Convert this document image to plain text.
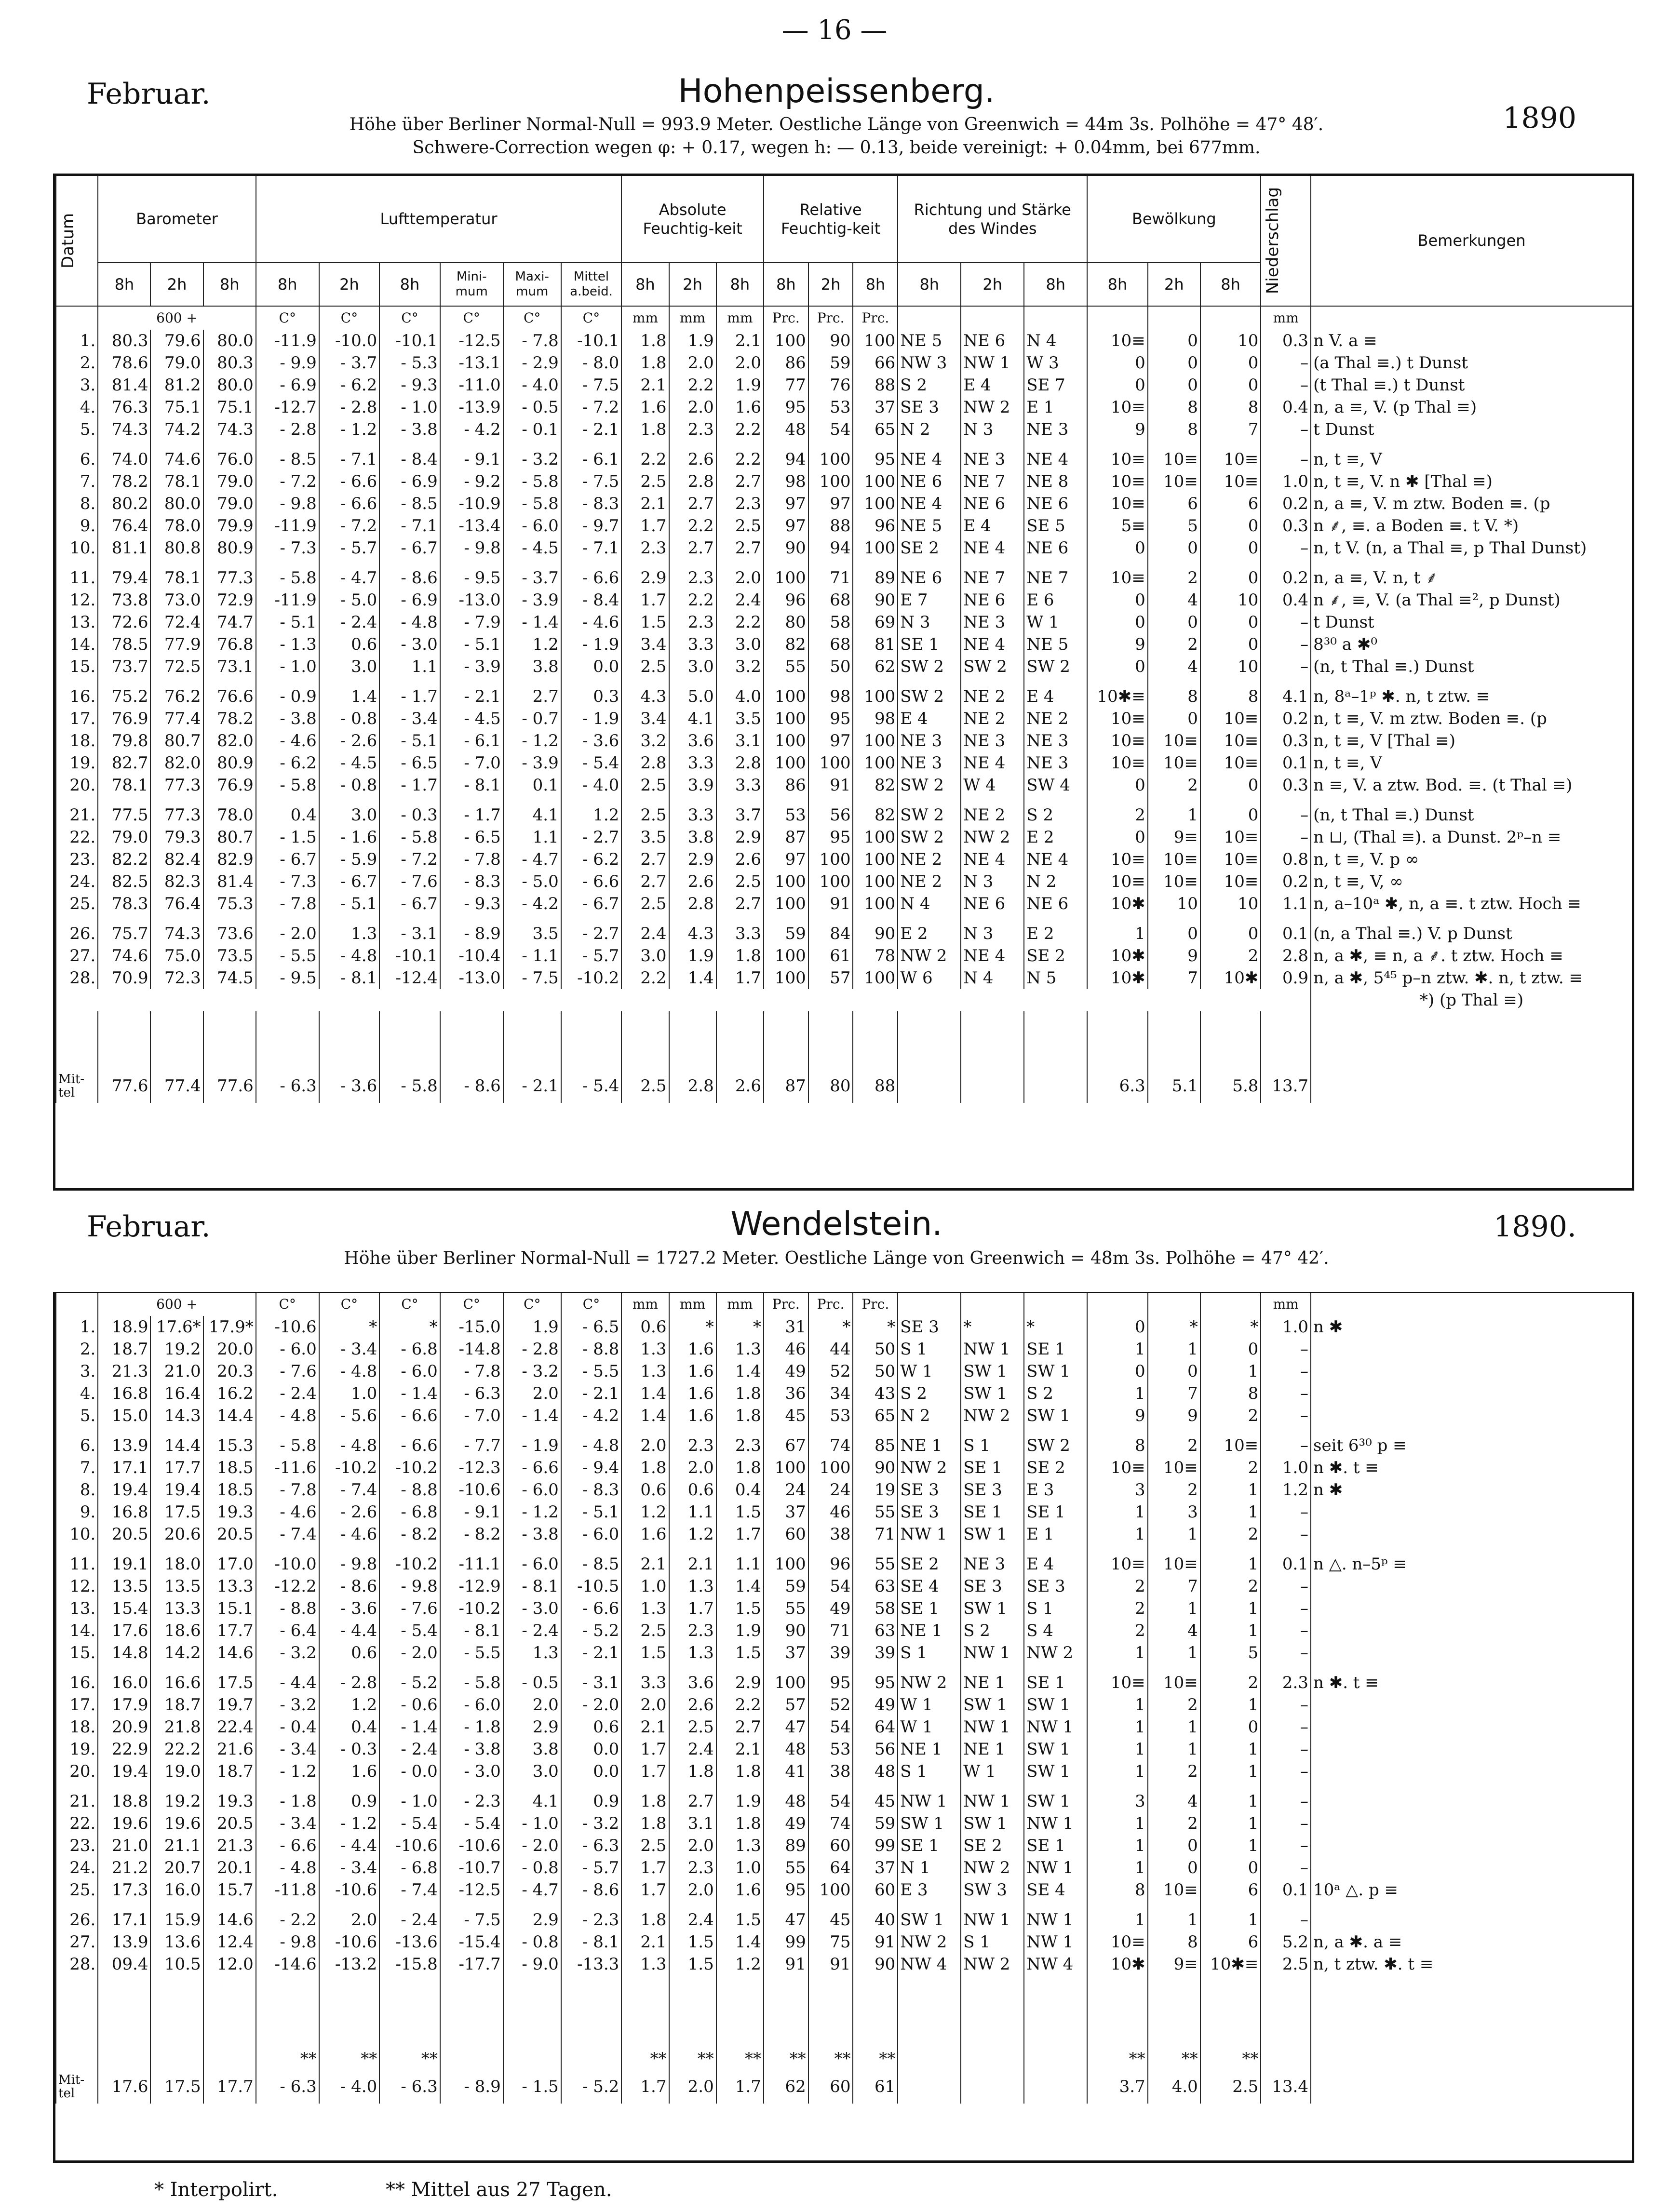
— 16 —
Februar.	Hohenpeissenberg.
1890
Höhe über Berliner Normal-Null = 993.9 Meter. Oestliche Länge von Greenwich = 44m 3s. Polhöhe = 47° 48′.
Schwere-Correction wegen φ: + 0.17, wegen h: — 0.13, beide vereinigt: + 0.04mm, bei 677mm.
Datum	Barometer			Lufttemperatur						Absolute Feuchtig-keit			Relative Feuchtig-keit			Richtung und Stärke des Windes			Bewölkung			Niederschlag	Bemerkungen
	8h	2h	8h	8h	2h	8h	Mini-mum	Maxi-mum	Mittel a.beid.	8h	2h	8h	8h	2h	8h	8h	2h	8h	8h	2h	8h		
	600 +			C°	C°	C°	C°	C°	C°	mm	mm	mm	Prc.	Prc.	Prc.							mm	
1.	80.3	79.6	80.0	-11.9	-10.0	-10.1	-12.5	- 7.8	-10.1	1.8	1.9	2.1	100	90	100	NE 5	NE 6	N 4	10≡	0	10	0.3	n V. a ≡
2.	78.6	79.0	80.3	- 9.9	- 3.7	- 5.3	-13.1	- 2.9	- 8.0	1.8	2.0	2.0	86	59	66	NW 3	NW 1	W 3	0	0	0	–	(a Thal ≡.) t Dunst
3.	81.4	81.2	80.0	- 6.9	- 6.2	- 9.3	-11.0	- 4.0	- 7.5	2.1	2.2	1.9	77	76	88	S 2	E 4	SE 7	0	0	0	–	(t Thal ≡.) t Dunst
4.	76.3	75.1	75.1	-12.7	- 2.8	- 1.0	-13.9	- 0.5	- 7.2	1.6	2.0	1.6	95	53	37	SE 3	NW 2	E 1	10≡	8	8	0.4	n, a ≡, V. (p Thal ≡)
5.	74.3	74.2	74.3	- 2.8	- 1.2	- 3.8	- 4.2	- 0.1	- 2.1	1.8	2.3	2.2	48	54	65	N 2	N 3	NE 3	9	8	7	–	t Dunst
6.	74.0	74.6	76.0	- 8.5	- 7.1	- 8.4	- 9.1	- 3.2	- 6.1	2.2	2.6	2.2	94	100	95	NE 4	NE 3	NE 4	10≡	10≡	10≡	–	n, t ≡, V
7.	78.2	78.1	79.0	- 7.2	- 6.6	- 6.9	- 9.2	- 5.8	- 7.5	2.5	2.8	2.7	98	100	100	NE 6	NE 7	NE 8	10≡	10≡	10≡	1.0	n, t ≡, V. n ✱ [Thal ≡)
8.	80.2	80.0	79.0	- 9.8	- 6.6	- 8.5	-10.9	- 5.8	- 8.3	2.1	2.7	2.3	97	97	100	NE 4	NE 6	NE 6	10≡	6	6	0.2	n, a ≡, V. m ztw. Boden ≡. (p
9.	76.4	78.0	79.9	-11.9	- 7.2	- 7.1	-13.4	- 6.0	- 9.7	1.7	2.2	2.5	97	88	96	NE 5	E 4	SE 5	5≡	5	0	0.3	n ⸙, ≡. a Boden ≡. t V. *)
10.	81.1	80.8	80.9	- 7.3	- 5.7	- 6.7	- 9.8	- 4.5	- 7.1	2.3	2.7	2.7	90	94	100	SE 2	NE 4	NE 6	0	0	0	–	n, t V. (n, a Thal ≡, p Thal Dunst)
11.	79.4	78.1	77.3	- 5.8	- 4.7	- 8.6	- 9.5	- 3.7	- 6.6	2.9	2.3	2.0	100	71	89	NE 6	NE 7	NE 7	10≡	2	0	0.2	n, a ≡, V. n, t ⸙
12.	73.8	73.0	72.9	-11.9	- 5.0	- 6.9	-13.0	- 3.9	- 8.4	1.7	2.2	2.4	96	68	90	E 7	NE 6	E 6	0	4	10	0.4	n ⸙, ≡, V. (a Thal ≡², p Dunst)
13.	72.6	72.4	74.7	- 5.1	- 2.4	- 4.8	- 7.9	- 1.4	- 4.6	1.5	2.3	2.2	80	58	69	N 3	NE 3	W 1	0	0	0	–	t Dunst
14.	78.5	77.9	76.8	- 1.3	0.6	- 3.0	- 5.1	1.2	- 1.9	3.4	3.3	3.0	82	68	81	SE 1	NE 4	NE 5	9	2	0	–	8³⁰ a ✱⁰
15.	73.7	72.5	73.1	- 1.0	3.0	1.1	- 3.9	3.8	0.0	2.5	3.0	3.2	55	50	62	SW 2	SW 2	SW 2	0	4	10	–	(n, t Thal ≡.) Dunst
16.	75.2	76.2	76.6	- 0.9	1.4	- 1.7	- 2.1	2.7	0.3	4.3	5.0	4.0	100	98	100	SW 2	NE 2	E 4	10✱≡	8	8	4.1	n, 8ᵃ–1ᵖ ✱. n, t ztw. ≡
17.	76.9	77.4	78.2	- 3.8	- 0.8	- 3.4	- 4.5	- 0.7	- 1.9	3.4	4.1	3.5	100	95	98	E 4	NE 2	NE 2	10≡	0	10≡	0.2	n, t ≡, V. m ztw. Boden ≡. (p
18.	79.8	80.7	82.0	- 4.6	- 2.6	- 5.1	- 6.1	- 1.2	- 3.6	3.2	3.6	3.1	100	97	100	NE 3	NE 3	NE 3	10≡	10≡	10≡	0.3	n, t ≡, V [Thal ≡)
19.	82.7	82.0	80.9	- 6.2	- 4.5	- 6.5	- 7.0	- 3.9	- 5.4	2.8	3.3	2.8	100	100	100	NE 3	NE 4	NE 3	10≡	10≡	10≡	0.1	n, t ≡, V
20.	78.1	77.3	76.9	- 5.8	- 0.8	- 1.7	- 8.1	0.1	- 4.0	2.5	3.9	3.3	86	91	82	SW 2	W 4	SW 4	0	2	0	0.3	n ≡, V. a ztw. Bod. ≡. (t Thal ≡)
21.	77.5	77.3	78.0	0.4	3.0	- 0.3	- 1.7	4.1	1.2	2.5	3.3	3.7	53	56	82	SW 2	NE 2	S 2	2	1	0	–	(n, t Thal ≡.) Dunst
22.	79.0	79.3	80.7	- 1.5	- 1.6	- 5.8	- 6.5	1.1	- 2.7	3.5	3.8	2.9	87	95	100	SW 2	NW 2	E 2	0	9≡	10≡	–	n ⊔, (Thal ≡). a Dunst. 2ᵖ–n ≡
23.	82.2	82.4	82.9	- 6.7	- 5.9	- 7.2	- 7.8	- 4.7	- 6.2	2.7	2.9	2.6	97	100	100	NE 2	NE 4	NE 4	10≡	10≡	10≡	0.8	n, t ≡, V. p ∞
24.	82.5	82.3	81.4	- 7.3	- 6.7	- 7.6	- 8.3	- 5.0	- 6.6	2.7	2.6	2.5	100	100	100	NE 2	N 3	N 2	10≡	10≡	10≡	0.2	n, t ≡, V, ∞
25.	78.3	76.4	75.3	- 7.8	- 5.1	- 6.7	- 9.3	- 4.2	- 6.7	2.5	2.8	2.7	100	91	100	N 4	NE 6	NE 6	10✱	10	10	1.1	n, a–10ᵃ ✱, n, a ≡. t ztw. Hoch ≡
26.	75.7	74.3	73.6	- 2.0	1.3	- 3.1	- 8.9	3.5	- 2.7	2.4	4.3	3.3	59	84	90	E 2	N 3	E 2	1	0	0	0.1	(n, a Thal ≡.) V. p Dunst
27.	74.6	75.0	73.5	- 5.5	- 4.8	-10.1	-10.4	- 1.1	- 5.7	3.0	1.9	1.8	100	61	78	NW 2	NE 4	SE 2	10✱	9	2	2.8	n, a ✱, ≡ n, a ⸙. t ztw. Hoch ≡
28.	70.9	72.3	74.5	- 9.5	- 8.1	-12.4	-13.0	- 7.5	-10.2	2.2	1.4	1.7	100	57	100	W 6	N 4	N 5	10✱	7	10✱	0.9	n, a ✱, 5⁴⁵ p–n ztw. ✱. n, t ztw. ≡
																							*) (p Thal ≡)

Mit-tel	77.6	77.4	77.6	- 6.3	- 3.6	- 5.8	- 8.6	- 2.1	- 5.4	2.5	2.8	2.6	87	80	88				6.3	5.1	5.8	13.7	
Februar.	Wendelstein.	1890.
Höhe über Berliner Normal-Null = 1727.2 Meter. Oestliche Länge von Greenwich = 48m 3s. Polhöhe = 47° 42′.
	600 +			C°	C°	C°	C°	C°	C°	mm	mm	mm	Prc.	Prc.	Prc.							mm	
1.	18.9	17.6*	17.9*	-10.6	*	*	-15.0	1.9	- 6.5	0.6	*	*	31	*	*	SE 3	*	*	0	*	*	1.0	n ✱
2.	18.7	19.2	20.0	- 6.0	- 3.4	- 6.8	-14.8	- 2.8	- 8.8	1.3	1.6	1.3	46	44	50	S 1	NW 1	SE 1	1	1	0	–	
3.	21.3	21.0	20.3	- 7.6	- 4.8	- 6.0	- 7.8	- 3.2	- 5.5	1.3	1.6	1.4	49	52	50	W 1	SW 1	SW 1	0	0	1	–	
4.	16.8	16.4	16.2	- 2.4	1.0	- 1.4	- 6.3	2.0	- 2.1	1.4	1.6	1.8	36	34	43	S 2	SW 1	S 2	1	7	8	–	
5.	15.0	14.3	14.4	- 4.8	- 5.6	- 6.6	- 7.0	- 1.4	- 4.2	1.4	1.6	1.8	45	53	65	N 2	NW 2	SW 1	9	9	2	–	
6.	13.9	14.4	15.3	- 5.8	- 4.8	- 6.6	- 7.7	- 1.9	- 4.8	2.0	2.3	2.3	67	74	85	NE 1	S 1	SW 2	8	2	10≡	–	seit 6³⁰ p ≡
7.	17.1	17.7	18.5	-11.6	-10.2	-10.2	-12.3	- 6.6	- 9.4	1.8	2.0	1.8	100	100	90	NW 2	SE 1	SE 2	10≡	10≡	2	1.0	n ✱. t ≡
8.	19.4	19.4	18.5	- 7.8	- 7.4	- 8.8	-10.6	- 6.0	- 8.3	0.6	0.6	0.4	24	24	19	SE 3	SE 3	E 3	3	2	1	1.2	n ✱
9.	16.8	17.5	19.3	- 4.6	- 2.6	- 6.8	- 9.1	- 1.2	- 5.1	1.2	1.1	1.5	37	46	55	SE 3	SE 1	SE 1	1	3	1	–	
10.	20.5	20.6	20.5	- 7.4	- 4.6	- 8.2	- 8.2	- 3.8	- 6.0	1.6	1.2	1.7	60	38	71	NW 1	SW 1	E 1	1	1	2	–	
11.	19.1	18.0	17.0	-10.0	- 9.8	-10.2	-11.1	- 6.0	- 8.5	2.1	2.1	1.1	100	96	55	SE 2	NE 3	E 4	10≡	10≡	1	0.1	n △. n–5ᵖ ≡
12.	13.5	13.5	13.3	-12.2	- 8.6	- 9.8	-12.9	- 8.1	-10.5	1.0	1.3	1.4	59	54	63	SE 4	SE 3	SE 3	2	7	2	–	
13.	15.4	13.3	15.1	- 8.8	- 3.6	- 7.6	-10.2	- 3.0	- 6.6	1.3	1.7	1.5	55	49	58	SE 1	SW 1	S 1	2	1	1	–	
14.	17.6	18.6	17.7	- 6.4	- 4.4	- 5.4	- 8.1	- 2.4	- 5.2	2.5	2.3	1.9	90	71	63	NE 1	S 2	S 4	2	4	1	–	
15.	14.8	14.2	14.6	- 3.2	0.6	- 2.0	- 5.5	1.3	- 2.1	1.5	1.3	1.5	37	39	39	S 1	NW 1	NW 2	1	1	5	–	
16.	16.0	16.6	17.5	- 4.4	- 2.8	- 5.2	- 5.8	- 0.5	- 3.1	3.3	3.6	2.9	100	95	95	NW 2	NE 1	SE 1	10≡	10≡	2	2.3	n ✱. t ≡
17.	17.9	18.7	19.7	- 3.2	1.2	- 0.6	- 6.0	2.0	- 2.0	2.0	2.6	2.2	57	52	49	W 1	SW 1	SW 1	1	2	1	–	
18.	20.9	21.8	22.4	- 0.4	0.4	- 1.4	- 1.8	2.9	0.6	2.1	2.5	2.7	47	54	64	W 1	NW 1	NW 1	1	1	0	–	
19.	22.9	22.2	21.6	- 3.4	- 0.3	- 2.4	- 3.8	3.8	0.0	1.7	2.4	2.1	48	53	56	NE 1	NE 1	SW 1	1	1	1	–	
20.	19.4	19.0	18.7	- 1.2	1.6	- 0.0	- 3.0	3.0	0.0	1.7	1.8	1.8	41	38	48	S 1	W 1	SW 1	1	2	1	–	
21.	18.8	19.2	19.3	- 1.8	0.9	- 1.0	- 2.3	4.1	0.9	1.8	2.7	1.9	48	54	45	NW 1	NW 1	SW 1	3	4	1	–	
22.	19.6	19.6	20.5	- 3.4	- 1.2	- 5.4	- 5.4	- 1.0	- 3.2	1.8	3.1	1.8	49	74	59	SW 1	SW 1	NW 1	1	2	1	–	
23.	21.0	21.1	21.3	- 6.6	- 4.4	-10.6	-10.6	- 2.0	- 6.3	2.5	2.0	1.3	89	60	99	SE 1	SE 2	SE 1	1	0	1	–	
24.	21.2	20.7	20.1	- 4.8	- 3.4	- 6.8	-10.7	- 0.8	- 5.7	1.7	2.3	1.0	55	64	37	N 1	NW 2	NW 1	1	0	0	–	
25.	17.3	16.0	15.7	-11.8	-10.6	- 7.4	-12.5	- 4.7	- 8.6	1.7	2.0	1.6	95	100	60	E 3	SW 3	SE 4	8	10≡	6	0.1	10ᵃ △. p ≡
26.	17.1	15.9	14.6	- 2.2	2.0	- 2.4	- 7.5	2.9	- 2.3	1.8	2.4	1.5	47	45	40	SW 1	NW 1	NW 1	1	1	1	–	
27.	13.9	13.6	12.4	- 9.8	-10.6	-13.6	-15.4	- 0.8	- 8.1	2.1	1.5	1.4	99	75	91	NW 2	S 1	NW 1	10≡	8	6	5.2	n, a ✱. a ≡
28.	09.4	10.5	12.0	-14.6	-13.2	-15.8	-17.7	- 9.0	-13.3	1.3	1.5	1.2	91	91	90	NW 4	NW 2	NW 4	10✱	9≡	10✱≡	2.5	n, t ztw. ✱. t ≡

				**	**	**				**	**	**	**	**	**				**	**	**		
Mit-tel	17.6	17.5	17.7	- 6.3	- 4.0	- 6.3	- 8.9	- 1.5	- 5.2	1.7	2.0	1.7	62	60	61				3.7	4.0	2.5	13.4	
* Interpolirt.	** Mittel aus 27 Tagen.
